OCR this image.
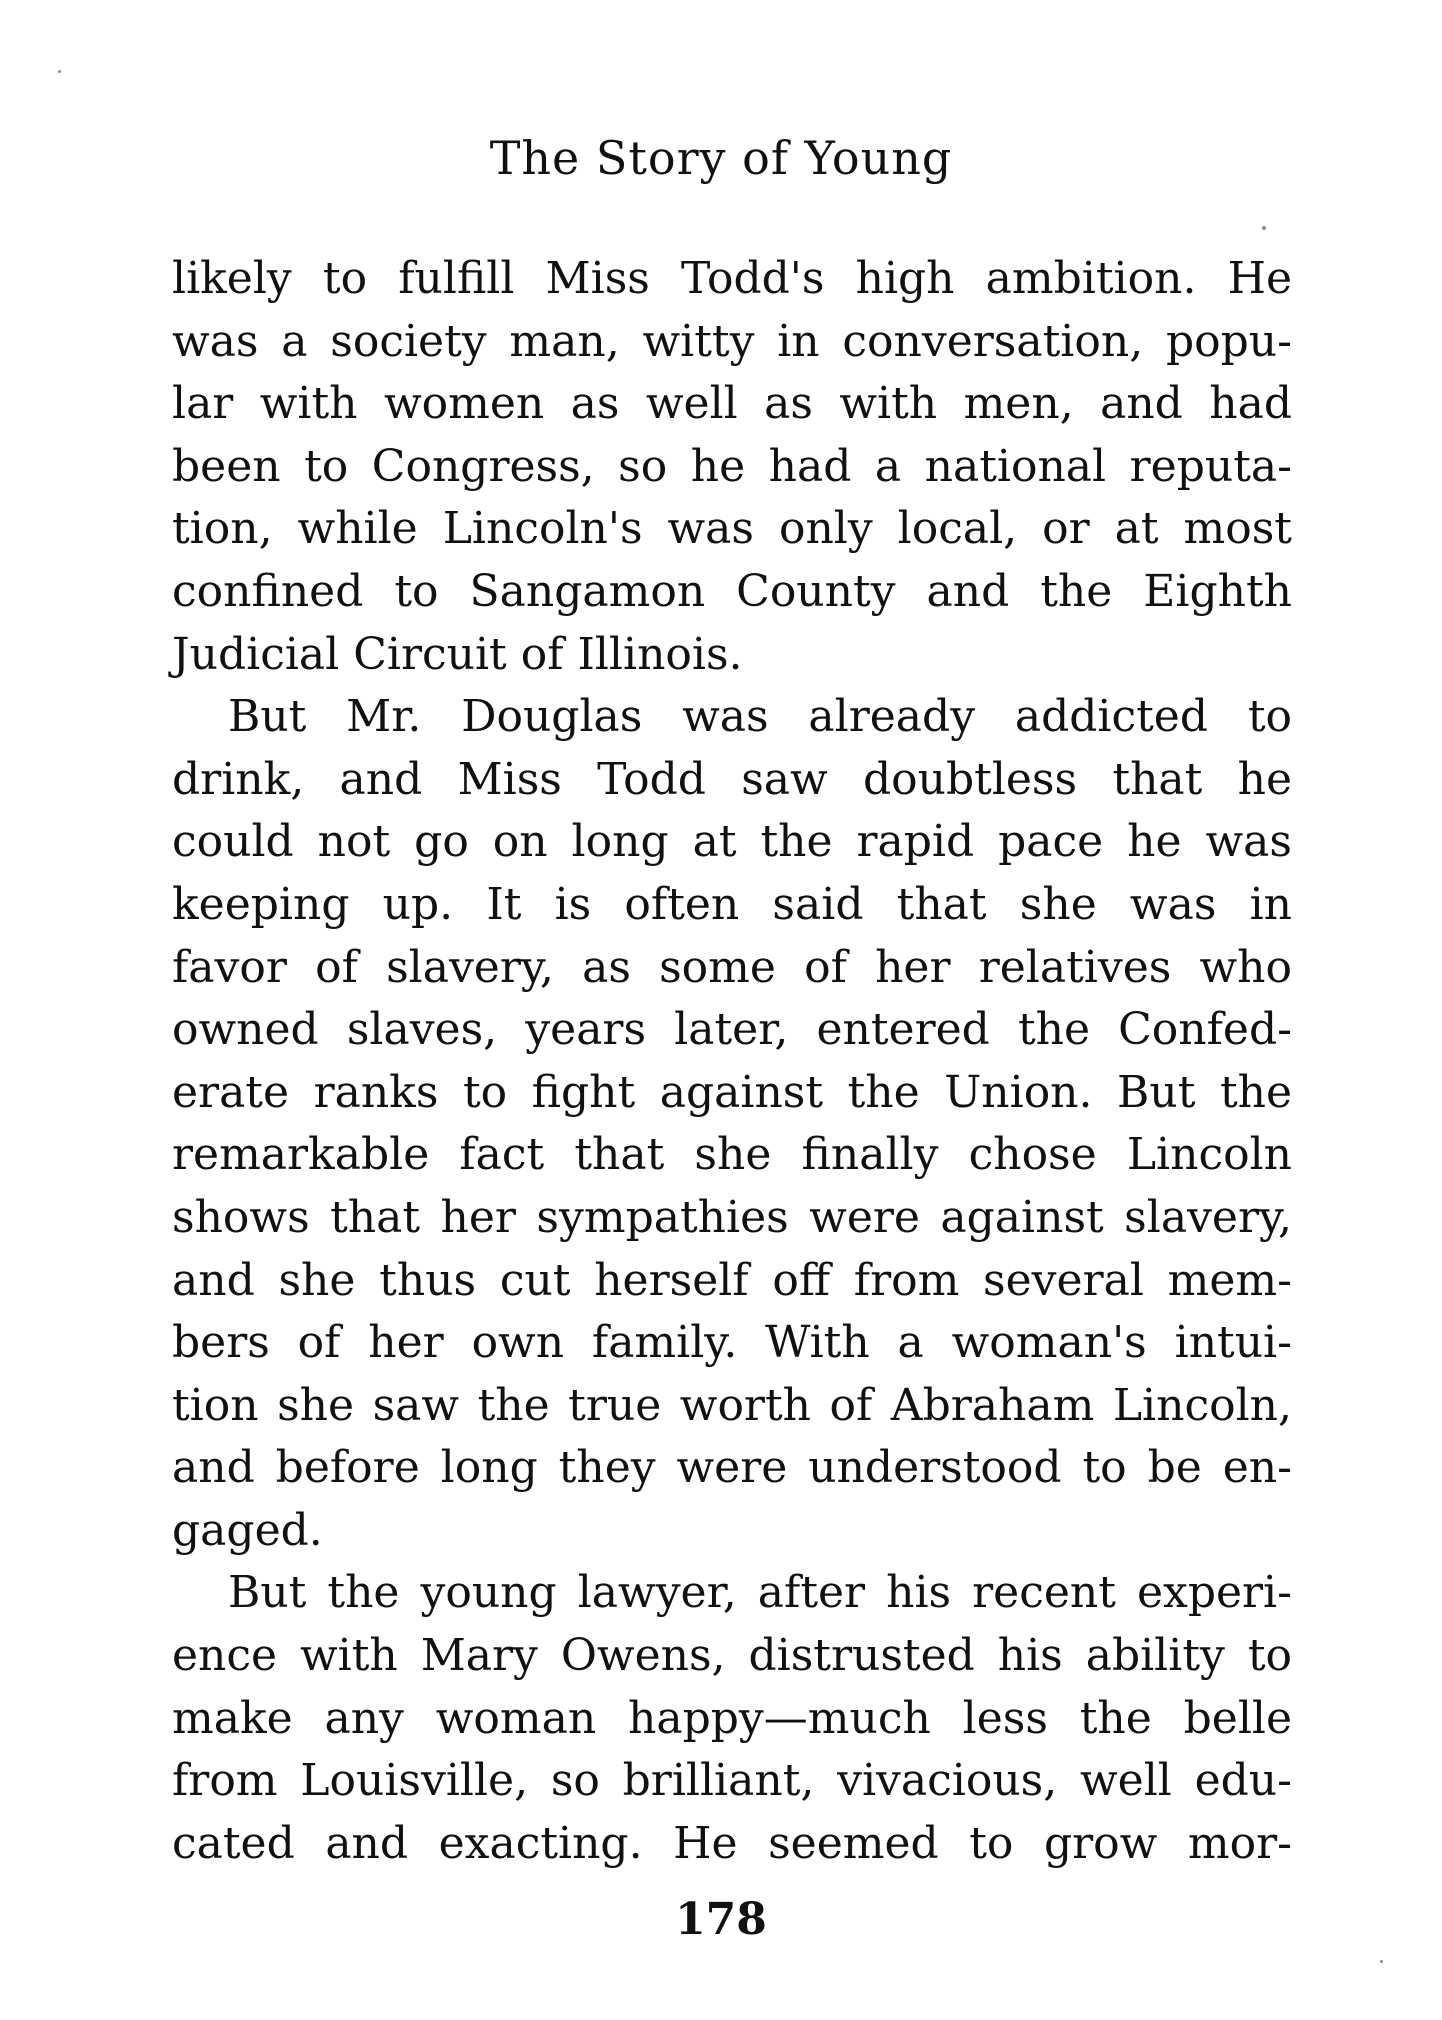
The Story of Young
likely to fulfill Miss Todd's high ambition. He
was a society man, witty in conversation, popu-
lar with women as well as with men, and had
been to Congress, so he had a national reputa-
tion, while Lincoln's was only local, or at most
confined to Sangamon County and the Eighth
Judicial Circuit of Illinois.
But Mr. Douglas was already addicted to
drink, and Miss Todd saw doubtless that he
could not go on long at the rapid pace he was
keeping up. It is often said that she was in
favor of slavery, as some of her relatives who
owned slaves, years later, entered the Confed-
erate ranks to fight against the Union. But the
remarkable fact that she finally chose Lincoln
shows that her sympathies were against slavery,
and she thus cut herself off from several mem-
bers of her own family. With a woman's intui-
tion she saw the true worth of Abraham Lincoln,
and before long they were understood to be en-
gaged.
But the young lawyer, after his recent experi-
ence with Mary Owens, distrusted his ability to
make any woman happy—much less the belle
from Louisville, so brilliant, vivacious, well edu-
cated and exacting. He seemed to grow mor-
178
